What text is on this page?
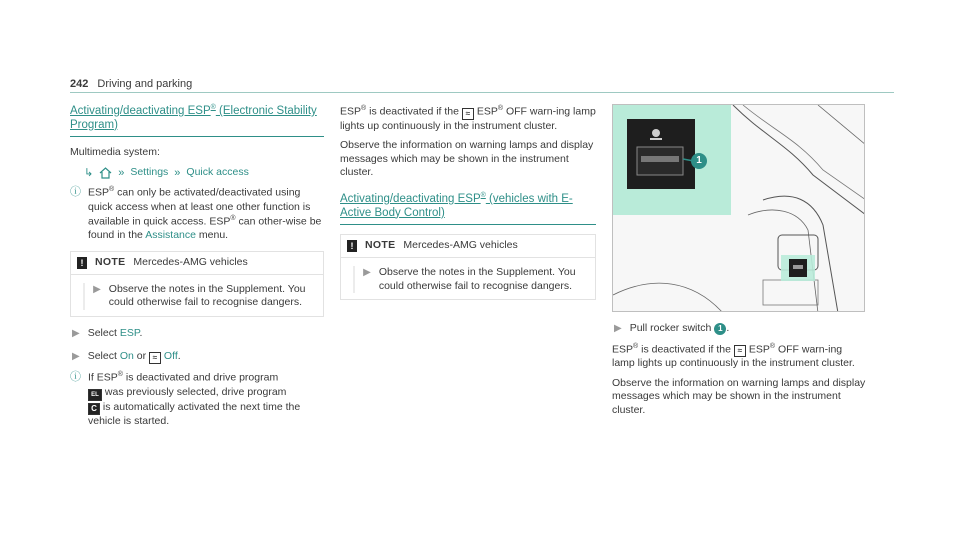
242 Driving and parking
Activating/deactivating ESP® (Electronic Stability
Program)

Multimedia system:

↳ » Settings » Quick access
ⓘ ESP® can only be activated/deactivated using quick access when at least one other function is available in quick access. ESP® can other-wise be found in the Assistance menu.
!	NOTE Mercedes-AMG vehicles
▶ Observe the notes in the Supplement. You could otherwise fail to recognise dangers.
▶ Select ESP.
▶ Select On or ≈ Off.
ⓘ If ESP® is deactivated and drive program
EL was previously selected, drive program
C is automatically activated the next time the vehicle is started.

ESP® is deactivated if the ≈ ESP® OFF warn-ing lamp lights up continuously in the instrument cluster.

Observe the information on warning lamps and display messages which may be shown in the instrument cluster.

Activating/deactivating ESP® (vehicles with E-
Active Body Control)
!	NOTE Mercedes-AMG vehicles
▶ Observe the notes in the Supplement. You could otherwise fail to recognise dangers.
1
▶ Pull rocker switch 1 .

ESP® is deactivated if the ≈ ESP® OFF warn-ing lamp lights up continuously in the instrument cluster.

Observe the information on warning lamps and display messages which may be shown in the instrument cluster.
